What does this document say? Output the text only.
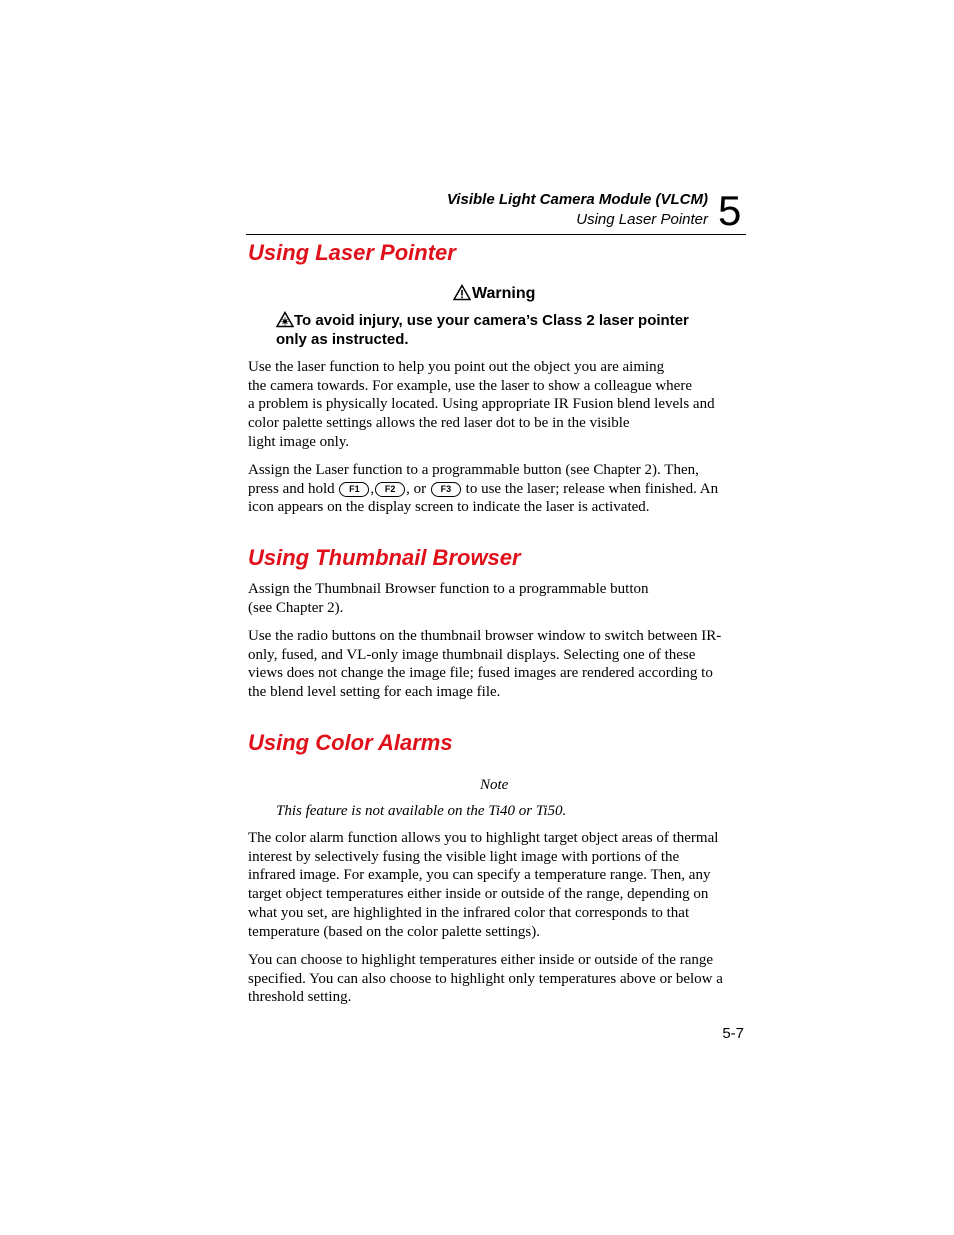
Visible Light Camera Module (VLCM)
Using Laser Pointer 5
Using Laser Pointer
Warning
To avoid injury, use your camera’s Class 2 laser pointer
only as instructed.
Use the laser function to help you point out the object you are aiming
the camera towards. For example, use the laser to show a colleague where
a problem is physically located. Using appropriate IR Fusion blend levels and
color palette settings allows the red laser dot to be in the visible
light image only.
Assign the Laser function to a programmable button (see Chapter 2). Then,
press and hold F1 , F2 , or F3 to use the laser; release when finished. An
icon appears on the display screen to indicate the laser is activated.
Using Thumbnail Browser
Assign the Thumbnail Browser function to a programmable button
(see Chapter 2).
Use the radio buttons on the thumbnail browser window to switch between IR-
only, fused, and VL-only image thumbnail displays. Selecting one of these
views does not change the image file; fused images are rendered according to
the blend level setting for each image file.
Using Color Alarms
Note
This feature is not available on the Ti40 or Ti50.
The color alarm function allows you to highlight target object areas of thermal
interest by selectively fusing the visible light image with portions of the
infrared image. For example, you can specify a temperature range. Then, any
target object temperatures either inside or outside of the range, depending on
what you set, are highlighted in the infrared color that corresponds to that
temperature (based on the color palette settings).
You can choose to highlight temperatures either inside or outside of the range
specified. You can also choose to highlight only temperatures above or below a
threshold setting.
5-7
